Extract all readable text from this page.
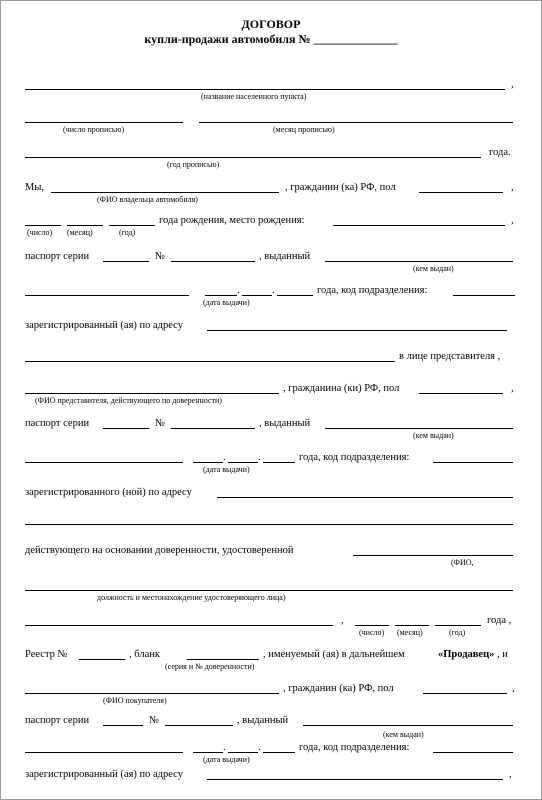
ДОГОВОР
купли-продажи автомобиля № ______________
,
(название населенного пункта)
(число прописью)	(месяц прописью)
года.
(год прописью)
Мы,	, гражданин (ка) РФ, пол	,
(ФИО владельца автомобиля)
года рождения, место рождения:	,
(число) (месяц)	(год)
паспорт серии	№	, выданный
(кем выдан)
.	.	года, код подразделения:
(дата выдачи)
зарегистрированный (ая) по адресу
в лице представителя ,
, гражданина (ки) РФ, пол	,
(ФИО представителя, действующего по доверенности)
паспорт серии	№	, выданный
(кем выдан)
.	.	года, код подразделения:
(дата выдачи)
зарегистрированного (ной) по адресу
действующего на основании доверенности, удостоверенной
(ФИО,
должность и местонахождение удостоверяющего лица)
,	года ,
(число) (месяц)	(год)
Реестр №	, бланк	, именуемый (ая) в дальнейшем	«Продавец» , и
(серия и № доверенности)
, гражданин (ка) РФ, пол	,
(ФИО покупателя)
паспорт серии	№	, выданный
(кем выдан)
.	.	года, код подразделения:
(дата выдачи)
зарегистрированный (ая) по адресу	,
